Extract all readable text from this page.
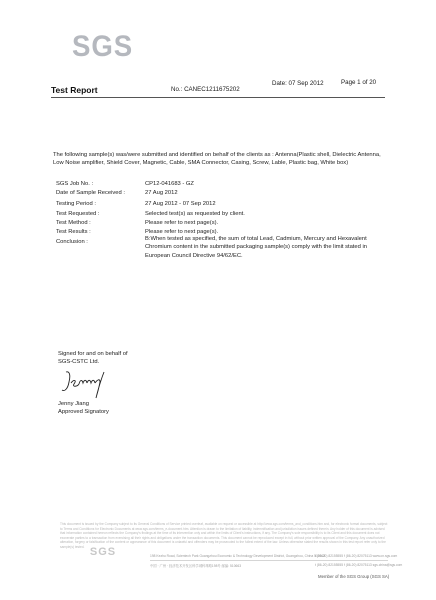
SGS
Test Report	No.: CANEC1211675202
Date: 07 Sep 2012	Page 1 of 20
The following sample(s) was/were submitted and identified on behalf of the clients as : Antenna(Plastic shell, Dielectric Antenna, Low Noise amplifier, Shield Cover, Magnetic, Cable, SMA Connector, Casing, Screw, Lable, Plastic bag, White box)
SGS Job No. :	CP12-041683 - GZ
Date of Sample Received :	27 Aug 2012
Testing Period :	27 Aug 2012 - 07 Sep 2012
Test Requested :	Selected test(s) as requested by client.
Test Method :	Please refer to next page(s).
Test Results :	Please refer to next page(s).
Conclusion :	B:When tested as specified, the sum of total Lead, Cadmium, Mercury and Hexavalent Chromium content in the submitted packaging sample(s) comply with the limit stated in European Council Directive 94/62/EC.
Signed for and on behalf of
SGS-CSTC Ltd.
Jenny Jiang
Approved Signatory
This document is issued by the Company subject to its General Conditions of Service printed overleaf, available on request or accessible at http://www.sgs.com/terms_and_conditions.htm and, for electronic format documents, subject to Terms and Conditions for Electronic Documents at www.sgs.com/terms_e-document.htm. Attention is drawn to the limitation of liability, indemnification and jurisdiction issues defined therein. Any holder of this document is advised that information contained hereon reflects the Company's findings at the time of its intervention only and within the limits of Client's instructions, if any. The Company's sole responsibility is to its Client and this document does not exonerate parties to a transaction from exercising all their rights and obligations under the transaction documents. This document cannot be reproduced except in full, without prior written approval of the Company. Any unauthorized alteration, forgery or falsification of the content or appearance of this document is unlawful and offenders may be prosecuted to the fullest extent of the law. Unless otherwise stated the results shown in this test report refer only to the sample(s) tested. SGS	198 Kezhu Road, Scientech Park Guangzhou Economic & Technology Development District, Guangzhou, China 510663
中国 · 广州 · 经济技术开发区科学城科珠路198号 邮编: 510663
t (86-20) 82155555 f (86-20) 82075113 www.cn.sgs.com
t (86-20) 82155555 f (86-20) 82075113 sgs.china@sgs.com
Member of the SGS Group (SGS SA)
